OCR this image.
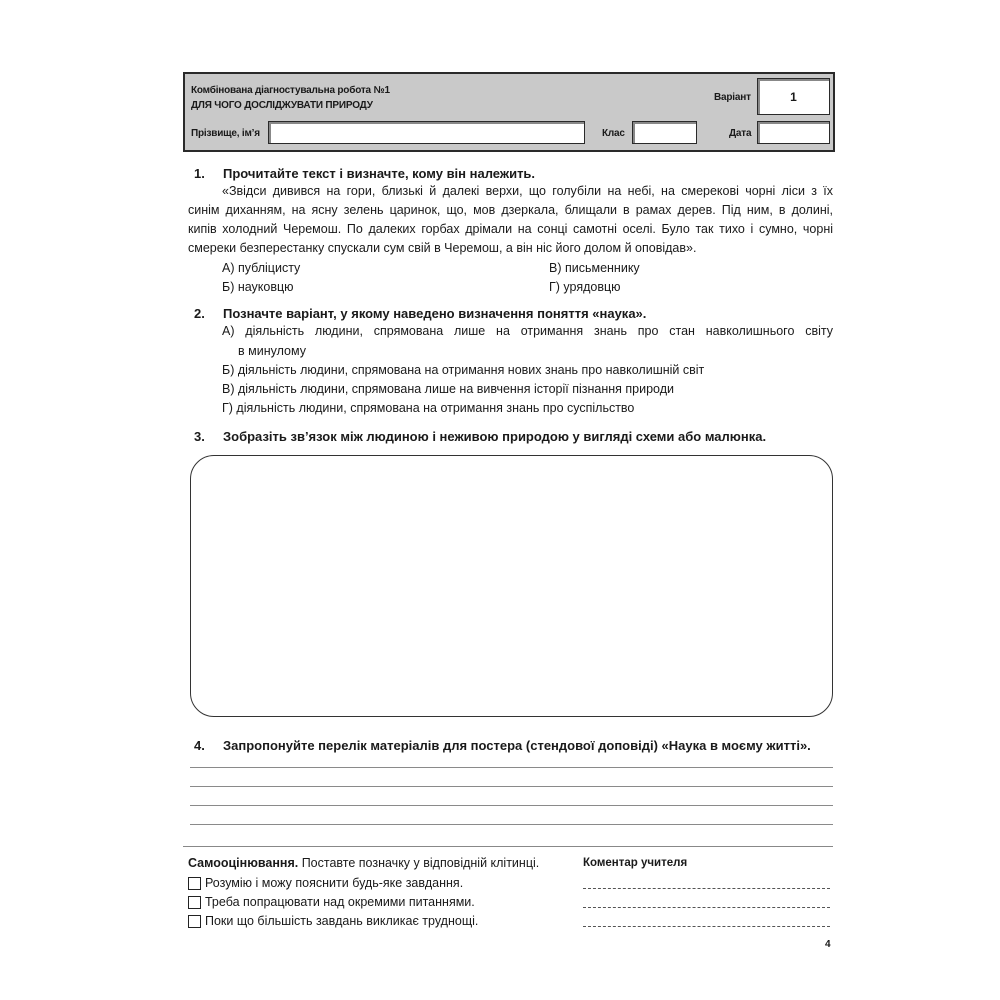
Комбінована діагностувальна робота №1
ДЛЯ ЧОГО ДОСЛІДЖУВАТИ ПРИРОДУ
Варіант	1
Прізвище, ім’я	Клас	Дата
1. Прочитайте текст і визначте, кому він належить.
«Звідси дивився на гори, близькі й далекі верхи, що голубіли на небі, на смерекові чорні ліси з їх
синім диханням, на ясну зелень царинок, що, мов дзеркала, блищали в рамах дерев. Під ним, в долині,
кипів холодний Черемош. По далеких горбах дрімали на сонці самотні оселі. Було так тихо і сумно, чорні
смереки безперестанку спускали сум свій в Черемош, а він ніс його долом й оповідав».
А) публіцисту
Б) науковцю
В) письменнику
Г) урядовцю
2. Позначте варіант, у якому наведено визначення поняття «наука».
А) діяльність людини, спрямована лише на отримання знань про стан навколишнього світу
в минулому
Б) діяльність людини, спрямована на отримання нових знань про навколишній світ
В) діяльність людини, спрямована лише на вивчення історії пізнання природи
Г) діяльність людини, спрямована на отримання знань про суспільство
3. Зобразіть зв’язок між людиною і неживою природою у вигляді схеми або малюнка.
4. Запропонуйте перелік матеріалів для постера (стендової доповіді) «Наука в моєму житті».
Самооцінювання. Поставте позначку у відповідній клітинці.
Розумію і можу пояснити будь-яке завдання.
Треба попрацювати над окремими питаннями.
Поки що більшість завдань викликає труднощі.
Коментар учителя
4
